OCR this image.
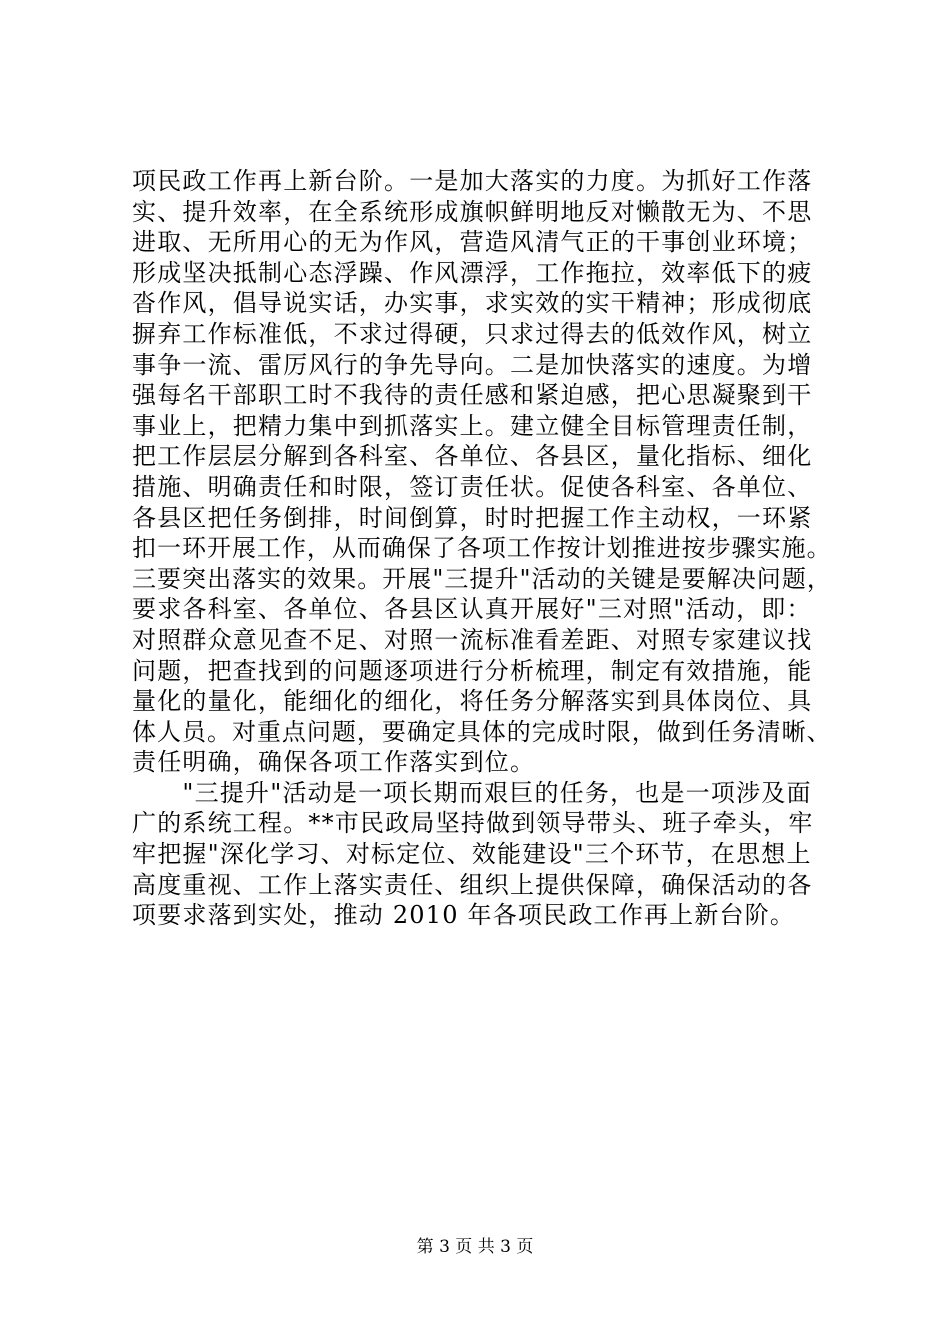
项民政工作再上新台阶。一是加大落实的力度。为抓好工作落
实、提升效率，在全系统形成旗帜鲜明地反对懒散无为、不思
进取、无所用心的无为作风，营造风清气正的干事创业环境；
形成坚决抵制心态浮躁、作风漂浮，工作拖拉，效率低下的疲
沓作风，倡导说实话，办实事，求实效的实干精神；形成彻底
摒弃工作标准低，不求过得硬，只求过得去的低效作风，树立
事争一流、雷厉风行的争先导向。二是加快落实的速度。为增
强每名干部职工时不我待的责任感和紧迫感，把心思凝聚到干
事业上，把精力集中到抓落实上。建立健全目标管理责任制，
把工作层层分解到各科室、各单位、各县区，量化指标、细化
措施、明确责任和时限，签订责任状。促使各科室、各单位、
各县区把任务倒排，时间倒算，时时把握工作主动权，一环紧
扣一环开展工作，从而确保了各项工作按计划推进按步骤实施。
三要突出落实的效果。开展"三提升"活动的关键是要解决问题，
要求各科室、各单位、各县区认真开展好"三对照"活动，即：
对照群众意见查不足、对照一流标准看差距、对照专家建议找
问题，把查找到的问题逐项进行分析梳理，制定有效措施，能
量化的量化，能细化的细化，将任务分解落实到具体岗位、具
体人员。对重点问题，要确定具体的完成时限，做到任务清晰、
责任明确，确保各项工作落实到位。
　　"三提升"活动是一项长期而艰巨的任务，也是一项涉及面
广的系统工程。**市民政局坚持做到领导带头、班子牵头，牢
牢把握"深化学习、对标定位、效能建设"三个环节，在思想上
高度重视、工作上落实责任、组织上提供保障，确保活动的各
项要求落到实处，推动 2010 年各项民政工作再上新台阶。
第 3 页 共 3 页
